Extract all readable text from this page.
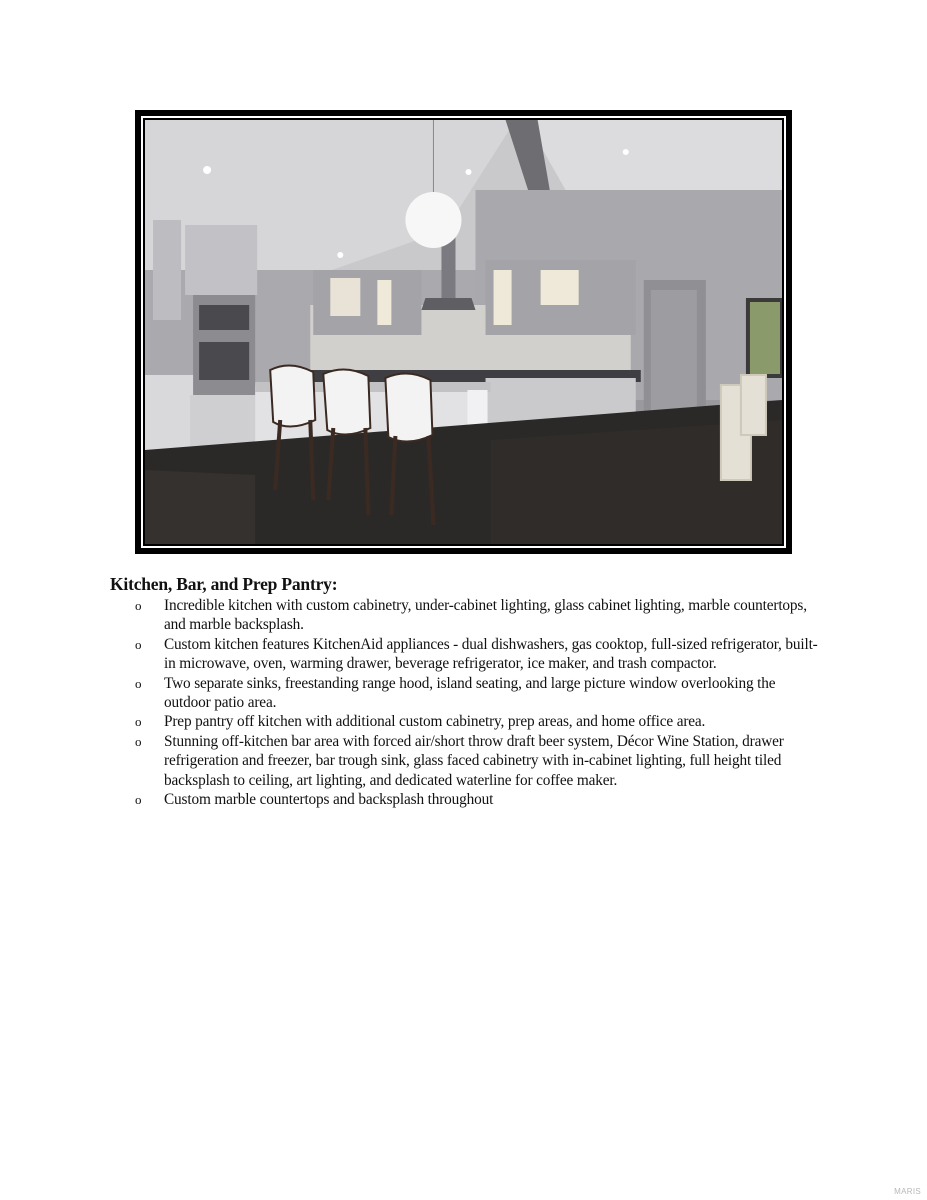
Kitchen, Bar, and Prep Pantry:
o Incredible kitchen with custom cabinetry, under-cabinet lighting, glass cabinet lighting, marble countertops, and marble backsplash.
o Custom kitchen features KitchenAid appliances - dual dishwashers, gas cooktop, full-sized refrigerator, built-in microwave, oven, warming drawer, beverage refrigerator, ice maker, and trash compactor.
o Two separate sinks, freestanding range hood, island seating, and large picture window overlooking the outdoor patio area.
o Prep pantry off kitchen with additional custom cabinetry, prep areas, and home office area.
o Stunning off-kitchen bar area with forced air/short throw draft beer system, Décor Wine Station, drawer refrigeration and freezer, bar trough sink, glass faced cabinetry with in-cabinet lighting, full height tiled backsplash to ceiling, art lighting, and dedicated waterline for coffee maker.
o Custom marble countertops and backsplash throughout
MARIS
